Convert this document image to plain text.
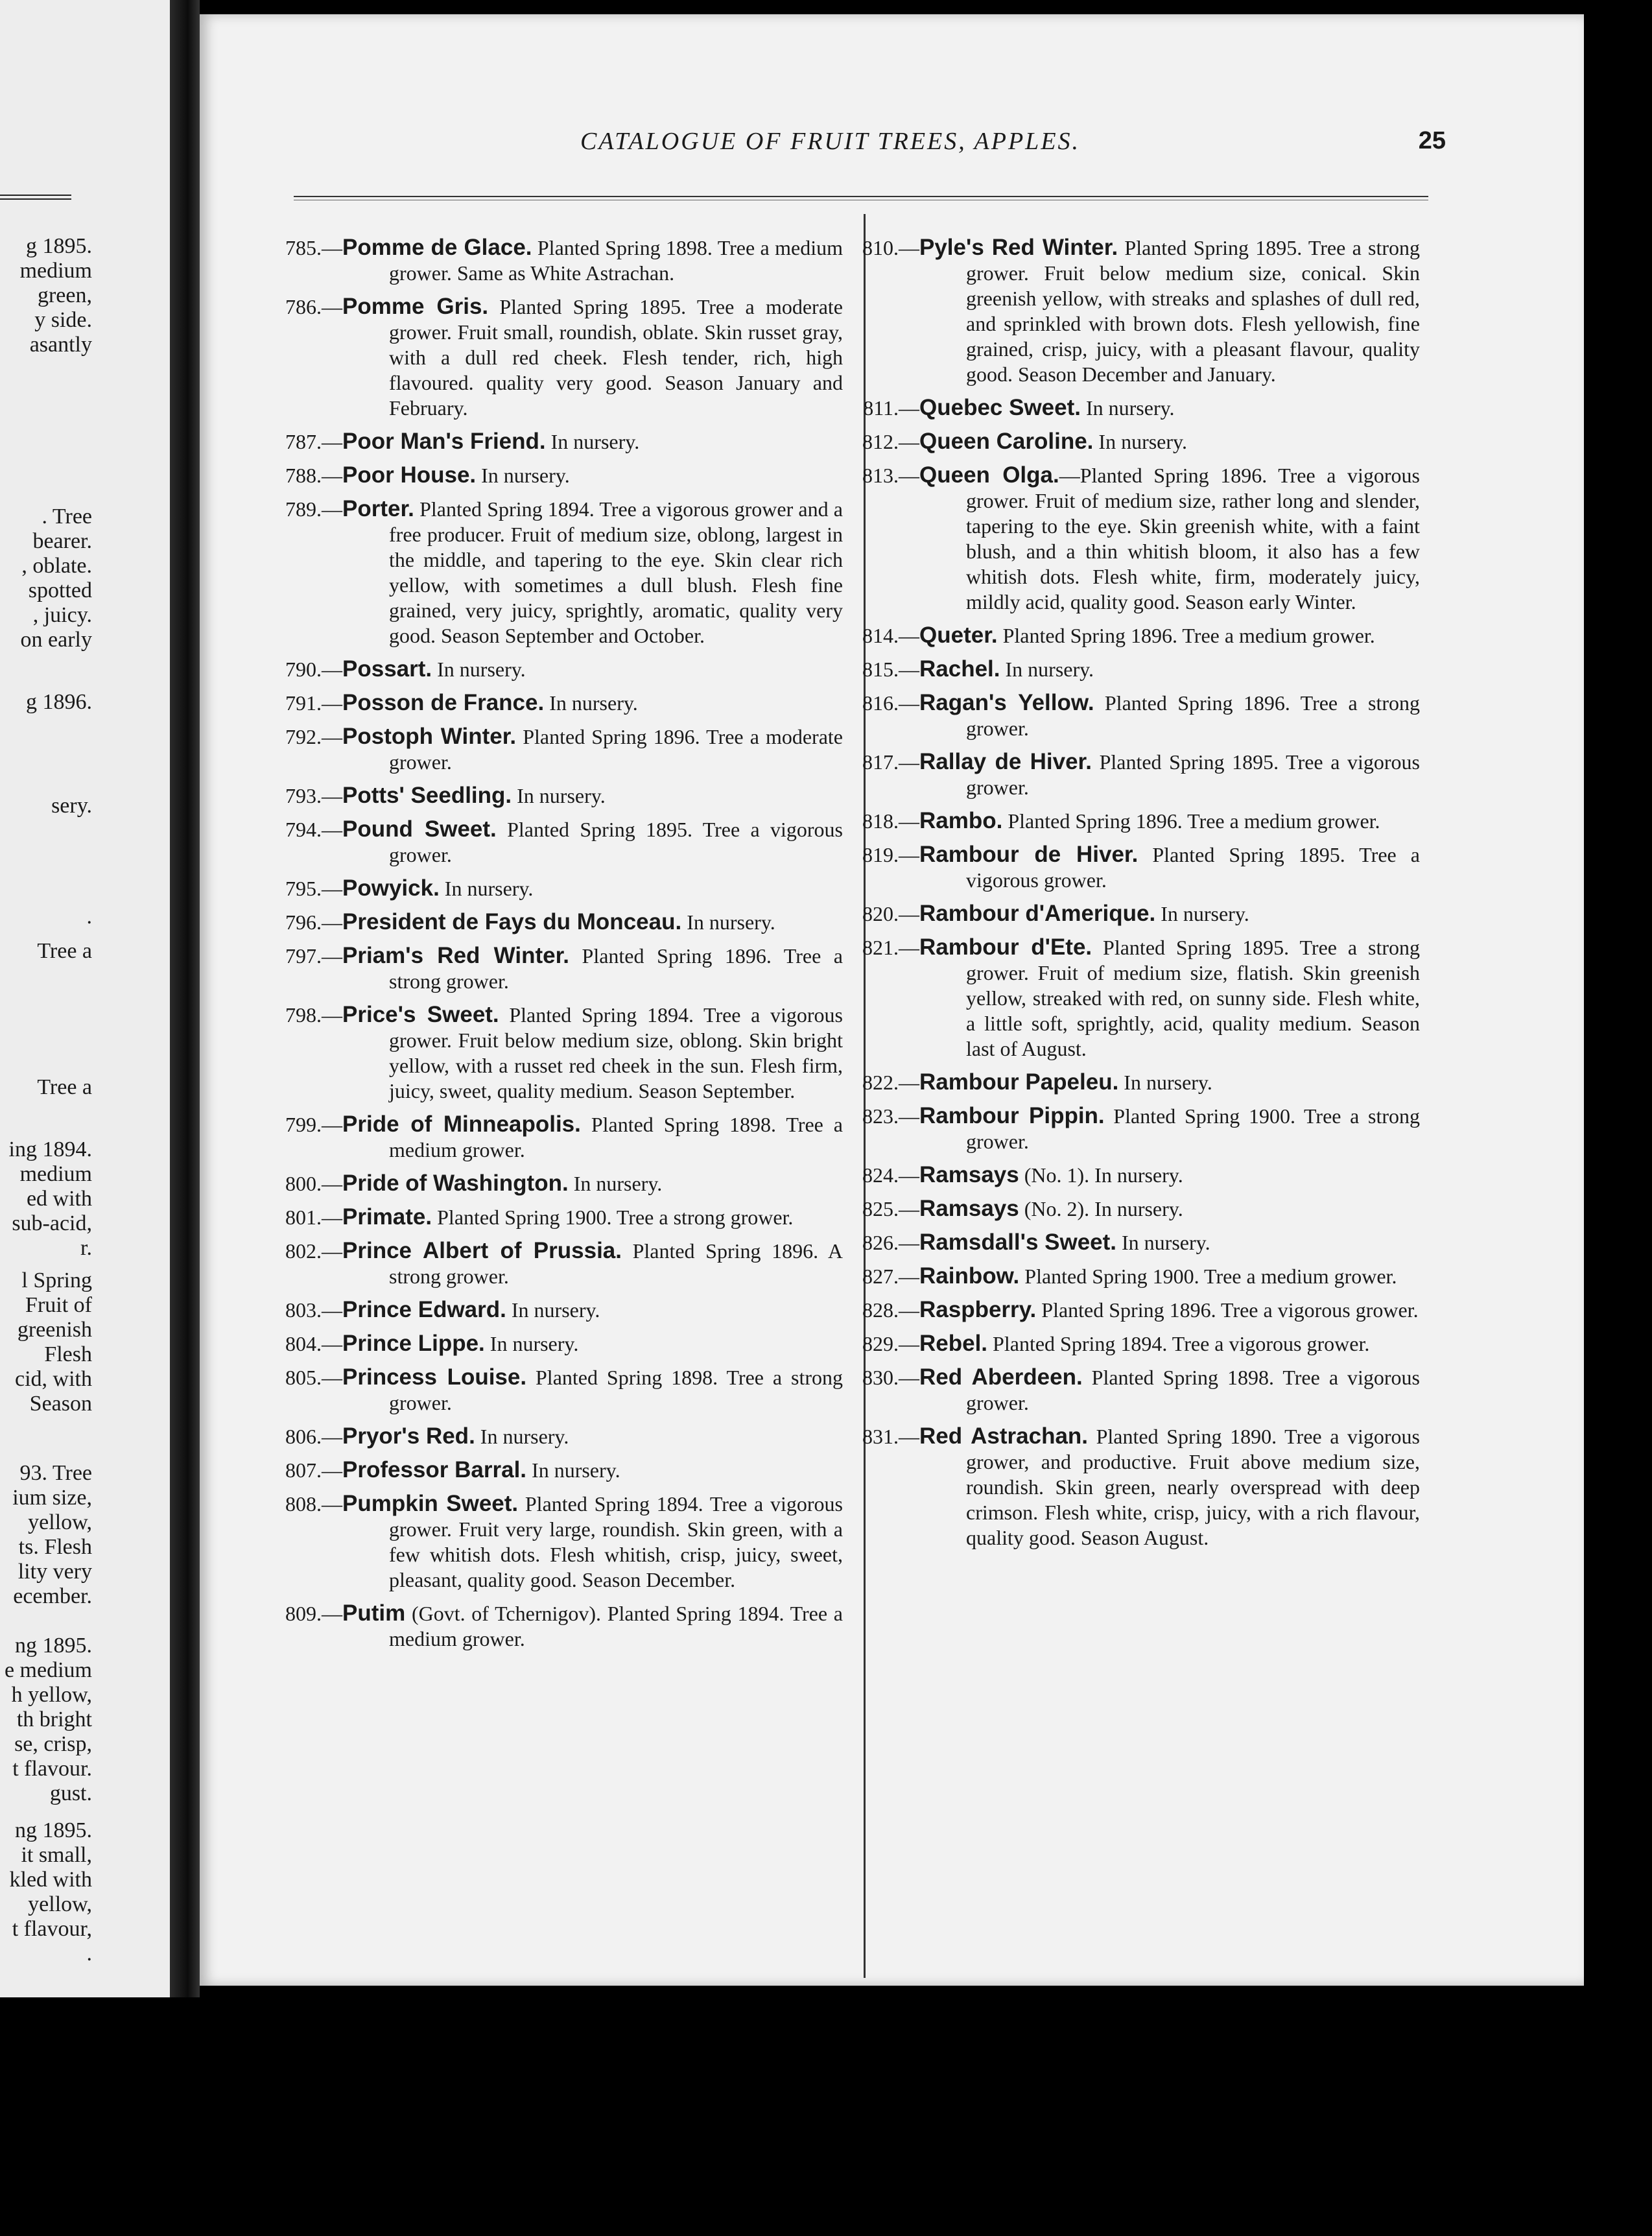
g 1895.
medium
green,
y side.
asantly
. Tree
bearer.
, oblate.
spotted
, juicy.
on early
g 1896.
sery.
.
Tree a
Tree a
ing 1894.
medium
ed with
sub-acid,
r.
l Spring
Fruit of
greenish
Flesh
cid, with
Season
93. Tree
ium size,
yellow,
ts. Flesh
lity very
ecember.
ng 1895.
e medium
h yellow,
th bright
se, crisp,
t flavour.
gust.
ng 1895.
it small,
kled with
yellow,
t flavour,
.
CATALOGUE OF FRUIT TREES, APPLES.	25

785.—Pomme de Glace. Planted Spring 1898. Tree a medium grower. Same as White Astrachan.

786.—Pomme Gris. Planted Spring 1895. Tree a moderate grower. Fruit small, roundish, oblate. Skin russet gray, with a dull red cheek. Flesh tender, rich, high flavoured. quality very good. Season January and February.

787.—Poor Man's Friend. In nursery.

788.—Poor House. In nursery.

789.—Porter. Planted Spring 1894. Tree a vigorous grower and a free producer. Fruit of medium size, oblong, largest in the middle, and tapering to the eye. Skin clear rich yellow, with sometimes a dull blush. Flesh fine grained, very juicy, sprightly, aromatic, quality very good. Season September and October.

790.—Possart. In nursery.

791.—Posson de France. In nursery.

792.—Postoph Winter. Planted Spring 1896. Tree a moderate grower.

793.—Potts' Seedling. In nursery.

794.—Pound Sweet. Planted Spring 1895. Tree a vigorous grower.

795.—Powyick. In nursery.

796.—President de Fays du Monceau. In nursery.

797.—Priam's Red Winter. Planted Spring 1896. Tree a strong grower.

798.—Price's Sweet. Planted Spring 1894. Tree a vigorous grower. Fruit below medium size, oblong. Skin bright yellow, with a russet red cheek in the sun. Flesh firm, juicy, sweet, quality medium. Season September.

799.—Pride of Minneapolis. Planted Spring 1898. Tree a medium grower.

800.—Pride of Washington. In nursery.

801.—Primate. Planted Spring 1900. Tree a strong grower.

802.—Prince Albert of Prussia. Planted Spring 1896. A strong grower.

803.—Prince Edward. In nursery.

804.—Prince Lippe. In nursery.

805.—Princess Louise. Planted Spring 1898. Tree a strong grower.

806.—Pryor's Red. In nursery.

807.—Professor Barral. In nursery.

808.—Pumpkin Sweet. Planted Spring 1894. Tree a vigorous grower. Fruit very large, roundish. Skin green, with a few whitish dots. Flesh whitish, crisp, juicy, sweet, pleasant, quality good. Season December.

809.—Putim (Govt. of Tchernigov). Planted Spring 1894. Tree a medium grower.

810.—Pyle's Red Winter. Planted Spring 1895. Tree a strong grower. Fruit below medium size, conical. Skin greenish yellow, with streaks and splashes of dull red, and sprinkled with brown dots. Flesh yellowish, fine grained, crisp, juicy, with a pleasant flavour, quality good. Season December and January.

811.—Quebec Sweet. In nursery.

812.—Queen Caroline. In nursery.

813.—Queen Olga.—Planted Spring 1896. Tree a vigorous grower. Fruit of medium size, rather long and slender, tapering to the eye. Skin greenish white, with a faint blush, and a thin whitish bloom, it also has a few whitish dots. Flesh white, firm, moderately juicy, mildly acid, quality good. Season early Winter.

814.—Queter. Planted Spring 1896. Tree a medium grower.

815.—Rachel. In nursery.

816.—Ragan's Yellow. Planted Spring 1896. Tree a strong grower.

817.—Rallay de Hiver. Planted Spring 1895. Tree a vigorous grower.

818.—Rambo. Planted Spring 1896. Tree a medium grower.

819.—Rambour de Hiver. Planted Spring 1895. Tree a vigorous grower.

820.—Rambour d'Amerique. In nursery.

821.—Rambour d'Ete. Planted Spring 1895. Tree a strong grower. Fruit of medium size, flatish. Skin greenish yellow, streaked with red, on sunny side. Flesh white, a little soft, sprightly, acid, quality medium. Season last of August.

822.—Rambour Papeleu. In nursery.

823.—Rambour Pippin. Planted Spring 1900. Tree a strong grower.

824.—Ramsays (No. 1). In nursery.

825.—Ramsays (No. 2). In nursery.

826.—Ramsdall's Sweet. In nursery.

827.—Rainbow. Planted Spring 1900. Tree a medium grower.

828.—Raspberry. Planted Spring 1896. Tree a vigorous grower.

829.—Rebel. Planted Spring 1894. Tree a vigorous grower.

830.—Red Aberdeen. Planted Spring 1898. Tree a vigorous grower.

831.—Red Astrachan. Planted Spring 1890. Tree a vigorous grower, and productive. Fruit above medium size, roundish. Skin green, nearly overspread with deep crimson. Flesh white, crisp, juicy, with a rich flavour, quality good. Season August.
